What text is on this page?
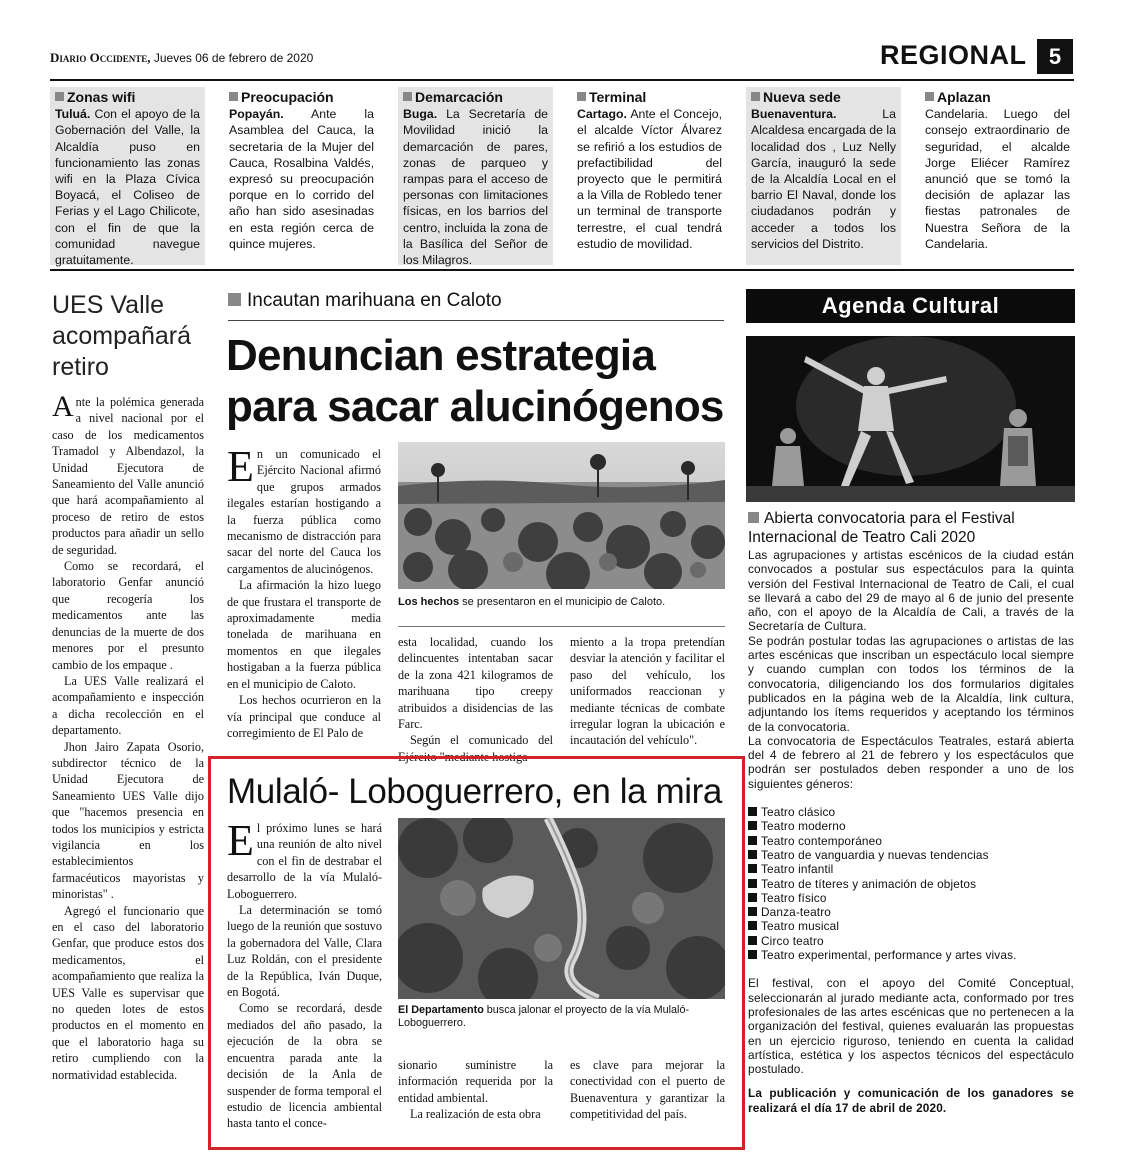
Diario Occidente, Jueves 06 de febrero de 2020	REGIONAL	5
Zonas wifi
Tuluá. Con el apoyo de la Gobernación del Valle, la Alcaldía puso en funcionamiento las zonas wifi en la Plaza Cívica Boyacá, el Coliseo de Ferias y el Lago Chilicote, con el fin de que la comunidad navegue gratuitamente.
Preocupación
Popayán. Ante la Asamblea del Cauca, la secretaria de la Mujer del Cauca, Rosalbina Valdés, expresó su preocupación porque en lo corrido del año han sido asesinadas en esta región cerca de quince mujeres.
Demarcación
Buga. La Secretaría de Movilidad inició la demarcación de pares, zonas de parqueo y rampas para el acceso de personas con limitaciones físicas, en los barrios del centro, incluida la zona de la Basílica del Señor de los Milagros.
Terminal
Cartago. Ante el Concejo, el alcalde Víctor Álvarez se refirió a los estudios de prefactibilidad del proyecto que le permitirá a la Villa de Robledo tener un terminal de transporte terrestre, el cual tendrá estudio de movilidad.
Nueva sede
Buenaventura. La Alcaldesa encargada de la localidad dos , Luz Nelly García, inauguró la sede de la Alcaldía Local en el barrio El Naval, donde los ciudadanos podrán y acceder a todos los servicios del Distrito.
Aplazan
Candelaria. Luego del consejo extraordinario de seguridad, el alcalde Jorge Eliécer Ramírez anunció que se tomó la decisión de aplazar las fiestas patronales de Nuestra Señora de la Candelaria.
UES Valle acompañará retiro

Ante la polémica generada a nivel nacional por el caso de los medicamentos Tramadol y Albendazol, la Unidad Ejecutora de Saneamiento del Valle anunció que hará acompañamiento al proceso de retiro de estos productos para añadir un sello de seguridad.

Como se recordará, el laboratorio Genfar anunció que recogería los medicamentos ante las denuncias de la muerte de dos menores por el presunto cambio de los empaque .

La UES Valle realizará el acompañamiento e inspección a dicha recolección en el departamento.

Jhon Jairo Zapata Osorio, subdirector técnico de la Unidad Ejecutora de Saneamiento UES Valle dijo que "hacemos presencia en todos los municipios y estricta vigilancia en los establecimientos farmacéuticos mayoristas y minoristas" .

Agregó el funcionario que en el caso del laboratorio Genfar, que produce estos dos medicamentos, el acompañamiento que realiza la UES Valle es supervisar que no queden lotes de estos productos en el momento en que el laboratorio haga su retiro cumpliendo con la normatividad establecida.

Incautan marihuana en Caloto
Denuncian estrategia para sacar alucinógenos
Los hechos se presentaron en el municipio de Caloto.

En un comunicado el Ejército Nacional afirmó que grupos armados ilegales estarían hostigando a la fuerza pública como mecanismo de distracción para sacar del norte del Cauca los cargamentos de alucinógenos.

La afirmación la hizo luego de que frustara el transporte de aproximadamente media tonelada de marihuana en momentos en que ilegales hostigaban a la fuerza pública en el municipio de Caloto.

Los hechos ocurrieron en la vía principal que conduce al corregimiento de El Palo de

esta localidad, cuando los delincuentes intentaban sacar de la zona 421 kilogramos de marihuana tipo creepy atribuidos a disidencias de las Farc.

Según el comunicado del Ejército "mediante hostiga-

miento a la tropa pretendían desviar la atención y facilitar el paso del vehículo, los uniformados reaccionan y mediante técnicas de combate irregular logran la ubicación e incautación del vehículo".

Mulaló- Loboguerrero, en la mira
El Departamento busca jalonar el proyecto de la vía Mulaló-Loboguerrero.

El próximo lunes se hará una reunión de alto nivel con el fin de destrabar el desarrollo de la vía Mulaló-Loboguerrero.

La determinación se tomó luego de la reunión que sostuvo la gobernadora del Valle, Clara Luz Roldán, con el presidente de la República, Iván Duque, en Bogotá.

Como se recordará, desde mediados del año pasado, la ejecución de la obra se encuentra parada ante la decisión de la Anla de suspender de forma temporal el estudio de licencia ambiental hasta tanto el conce-

sionario suministre la información requerida por la entidad ambiental.

La realización de esta obra

es clave para mejorar la conectividad con el puerto de Buenaventura y garantizar la competitividad del país.

Agenda Cultural
Abierta convocatoria para el Festival Internacional de Teatro Cali 2020

Las agrupaciones y artistas escénicos de la ciudad están convocados a postular sus espectáculos para la quinta versión del Festival Internacional de Teatro de Cali, el cual se llevará a cabo del 29 de mayo al 6 de junio del presente año, con el apoyo de la Alcaldía de Cali, a través de la Secretaría de Cultura.

Se podrán postular todas las agrupaciones o artistas de las artes escénicas que inscriban un espectáculo local siempre y cuando cumplan con todos los términos de la convocatoria, diligenciando los dos formularios digitales publicados en la página web de la Alcaldía, link cultura, adjuntando los ítems requeridos y aceptando los términos de la convocatoria.

La convocatoria de Espectáculos Teatrales, estará abierta del 4 de febrero al 21 de febrero y los espectáculos que podrán ser postulados deben responder a uno de los siguientes géneros:

Teatro clásico
Teatro moderno
Teatro contemporáneo
Teatro de vanguardia y nuevas tendencias
Teatro infantil
Teatro de títeres y animación de objetos
Teatro físico
Danza-teatro
Teatro musical
Circo teatro
Teatro experimental, performance y artes vivas.

El festival, con el apoyo del Comité Conceptual, seleccionarán al jurado mediante acta, conformado por tres profesionales de las artes escénicas que no pertenecen a la organización del festival, quienes evaluarán las propuestas en un ejercicio riguroso, teniendo en cuenta la calidad artística, estética y los aspectos técnicos del espectáculo postulado.

La publicación y comunicación de los ganadores se realizará el día 17 de abril de 2020.
